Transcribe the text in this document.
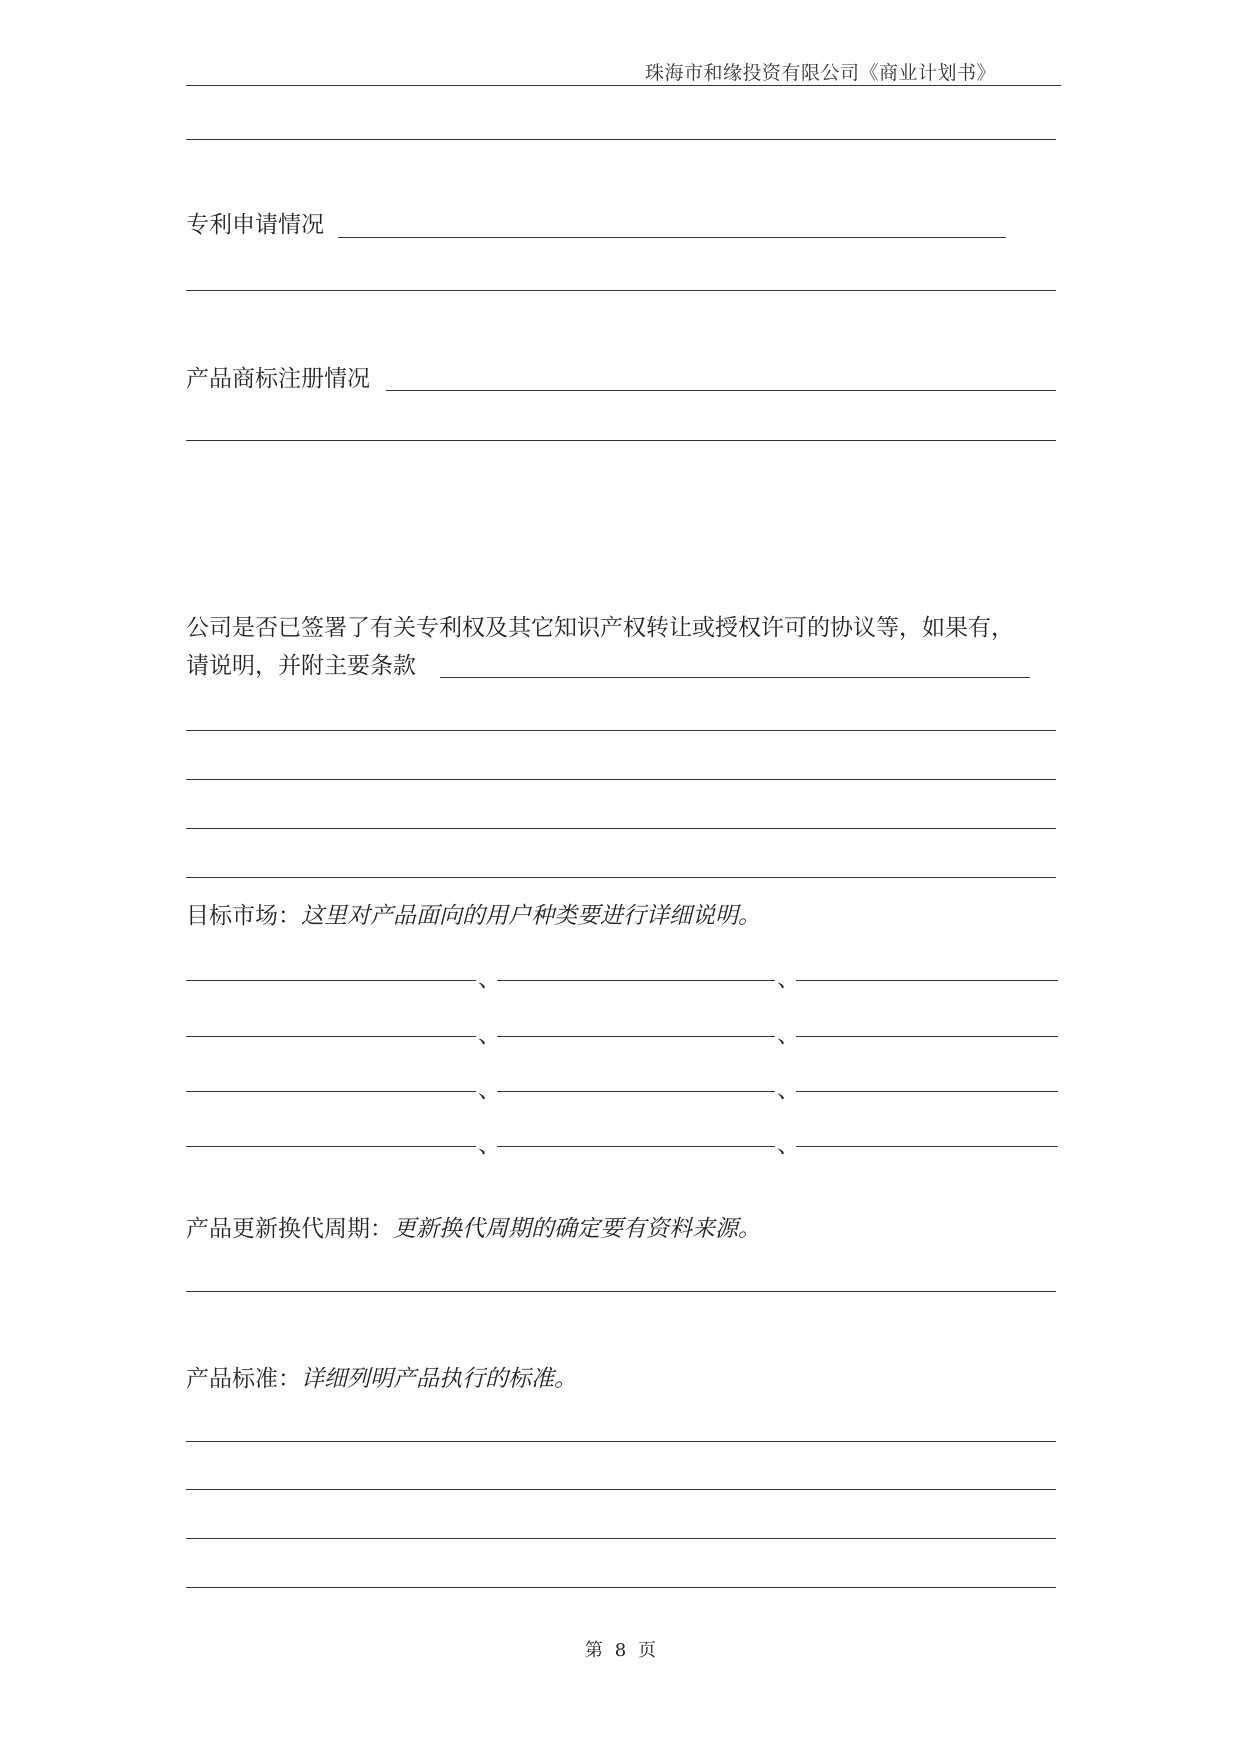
珠海市和缘投资有限公司《商业计划书》
专利申请情况
产品商标注册情况
公司是否已签署了有关专利权及其它知识产权转让或授权许可的协议等，如果有，
请说明，并附主要条款
目标市场：这里对产品面向的用户种类要进行详细说明。
、	、
、	、
、	、
、	、
产品更新换代周期：更新换代周期的确定要有资料来源。
产品标准：详细列明产品执行的标准。
第 8 页
